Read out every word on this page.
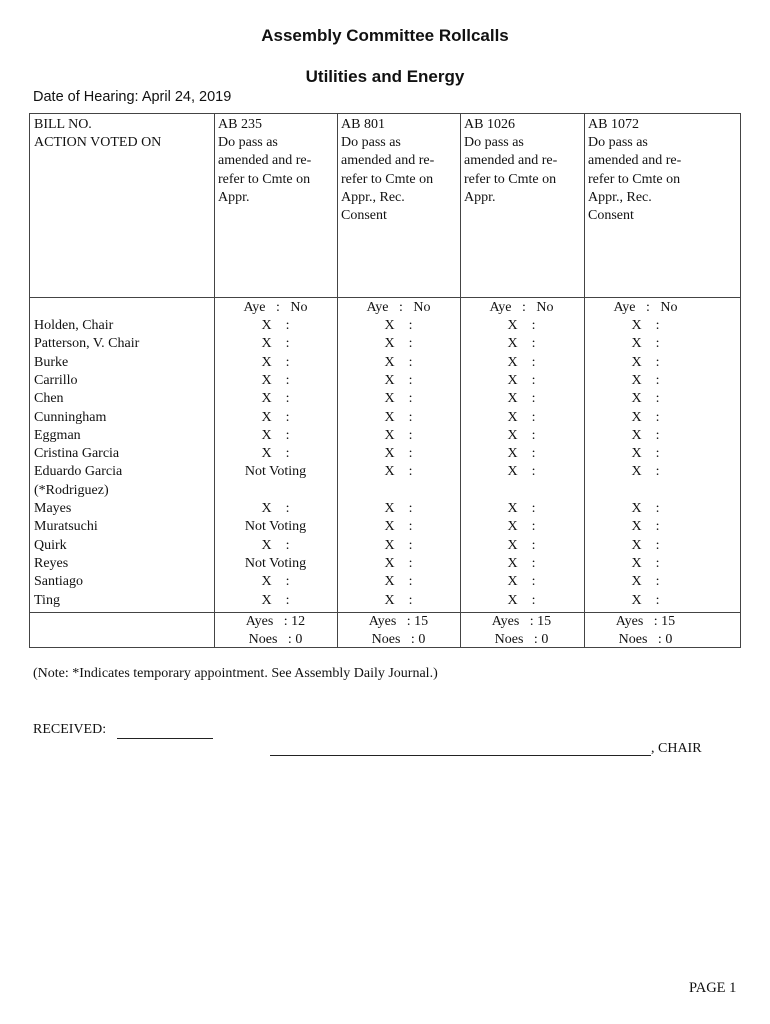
Assembly Committee Rollcalls
Utilities and Energy
Date of Hearing: April 24, 2019
BILL NO.
ACTION VOTED ON
AB 235
Do pass as
amended and re-
refer to Cmte on
Appr.
Aye   :   No
X    :
X    :
X    :
X    :
X    :
X    :
X    :
X    :
Not Voting
X    :
Not Voting
X    :
Not Voting
X    :
X    :
Ayes   : 12
Noes   : 0
AB 801
Do pass as
amended and re-
refer to Cmte on
Appr., Rec.
Consent
Aye   :   No
X    :
X    :
X    :
X    :
X    :
X    :
X    :
X    :
X    :
X    :
X    :
X    :
X    :
X    :
X    :
Ayes   : 15
Noes   : 0
AB 1026
Do pass as
amended and re-
refer to Cmte on
Appr.
Aye   :   No
X    :
X    :
X    :
X    :
X    :
X    :
X    :
X    :
X    :
X    :
X    :
X    :
X    :
X    :
X    :
Ayes   : 15
Noes   : 0
AB 1072
Do pass as
amended and re-
refer to Cmte on
Appr., Rec.
Consent
Aye   :   No
X    :
X    :
X    :
X    :
X    :
X    :
X    :
X    :
X    :
X    :
X    :
X    :
X    :
X    :
X    :
Ayes   : 15
Noes   : 0
Holden, Chair
Patterson, V. Chair
Burke
Carrillo
Chen
Cunningham
Eggman
Cristina Garcia
Eduardo Garcia
(*Rodriguez)
Mayes
Muratsuchi
Quirk
Reyes
Santiago
Ting
(Note: *Indicates temporary appointment. See Assembly Daily Journal.)
RECEIVED:
, CHAIR
PAGE 1
